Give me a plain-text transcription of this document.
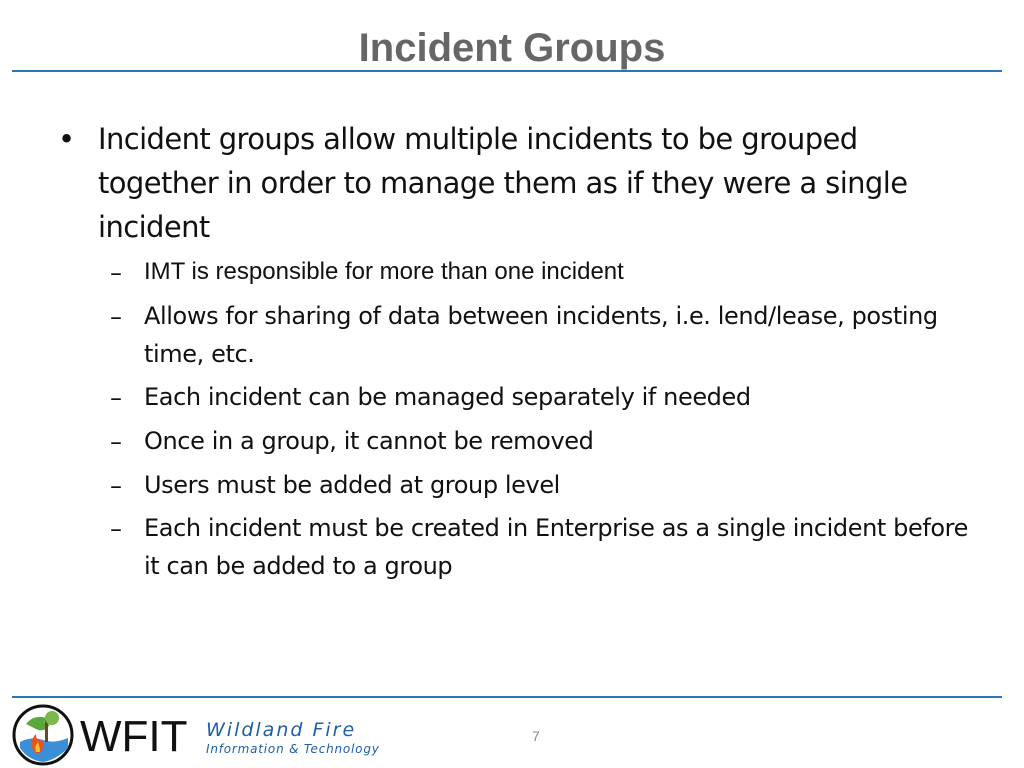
Incident Groups
• Incident groups allow multiple incidents to be grouped together in order to manage them as if they were a single incident
– IMT is responsible for more than one incident
– Allows for sharing of data between incidents, i.e. lend/lease, posting time, etc.
– Each incident can be managed separately if needed
– Once in a group, it cannot be removed
– Users must be added at group level
– Each incident must be created in Enterprise as a single incident before it can be added to a group
WFIT Wildland Fire
Information & Technology
7
